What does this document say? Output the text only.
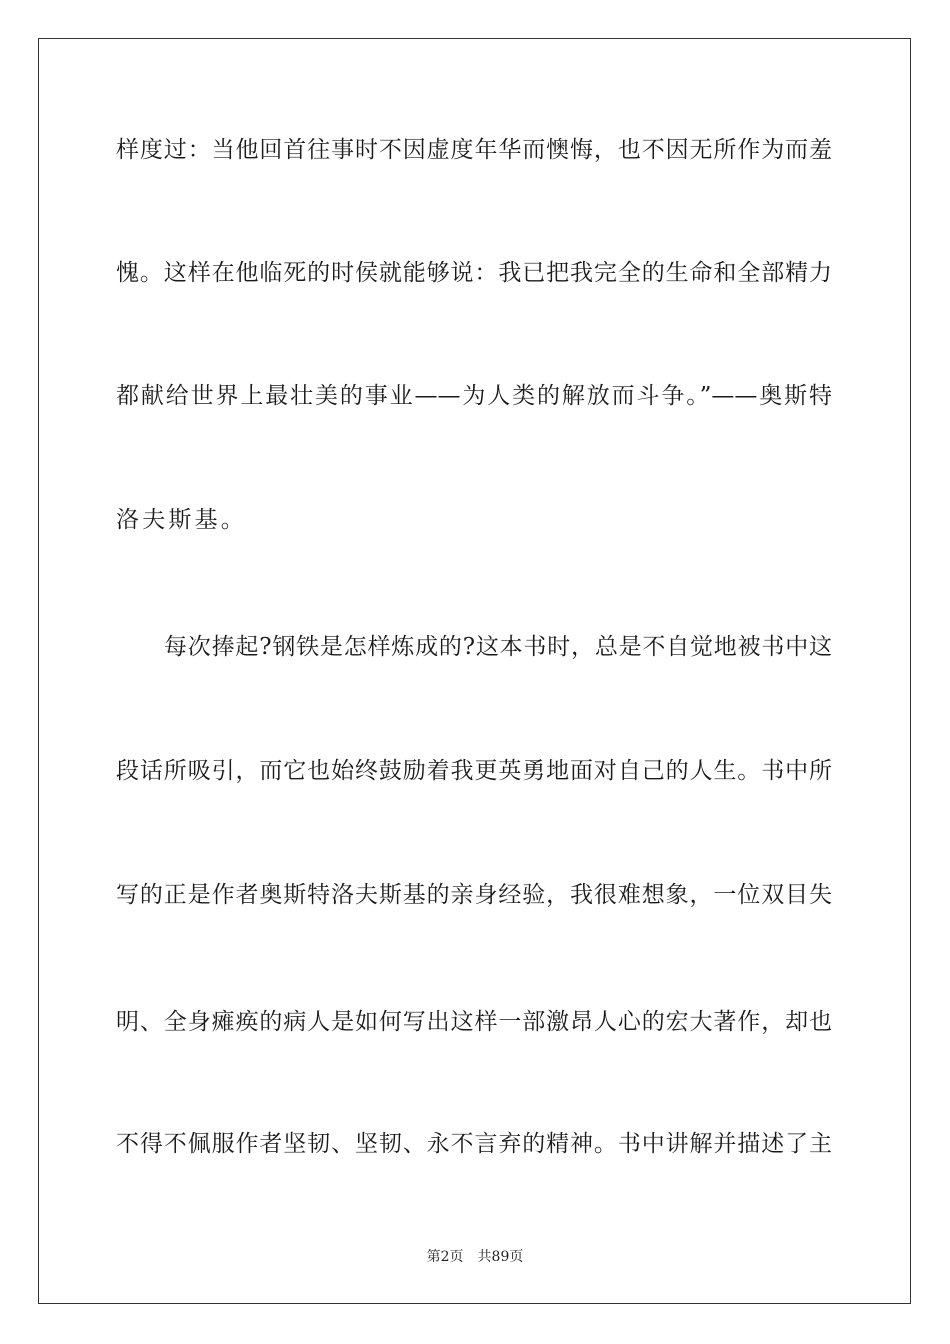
样度过：当他回首往事时不因虚度年华而懊悔，也不因无所作为而羞
愧。这样在他临死的时侯就能够说：我已把我完全的生命和全部精力
都献给世界上最壮美的事业——为人类的解放而斗争。”——奥斯特
洛夫斯基。
每次捧起?钢铁是怎样炼成的?这本书时，总是不自觉地被书中这
段话所吸引，而它也始终鼓励着我更英勇地面对自己的人生。书中所
写的正是作者奥斯特洛夫斯基的亲身经验，我很难想象，一位双目失
明、全身瘫痪的病人是如何写出这样一部激昂人心的宏大著作，却也
不得不佩服作者坚韧、坚韧、永不言弃的精神。书中讲解并描述了主
第2页 共89页
